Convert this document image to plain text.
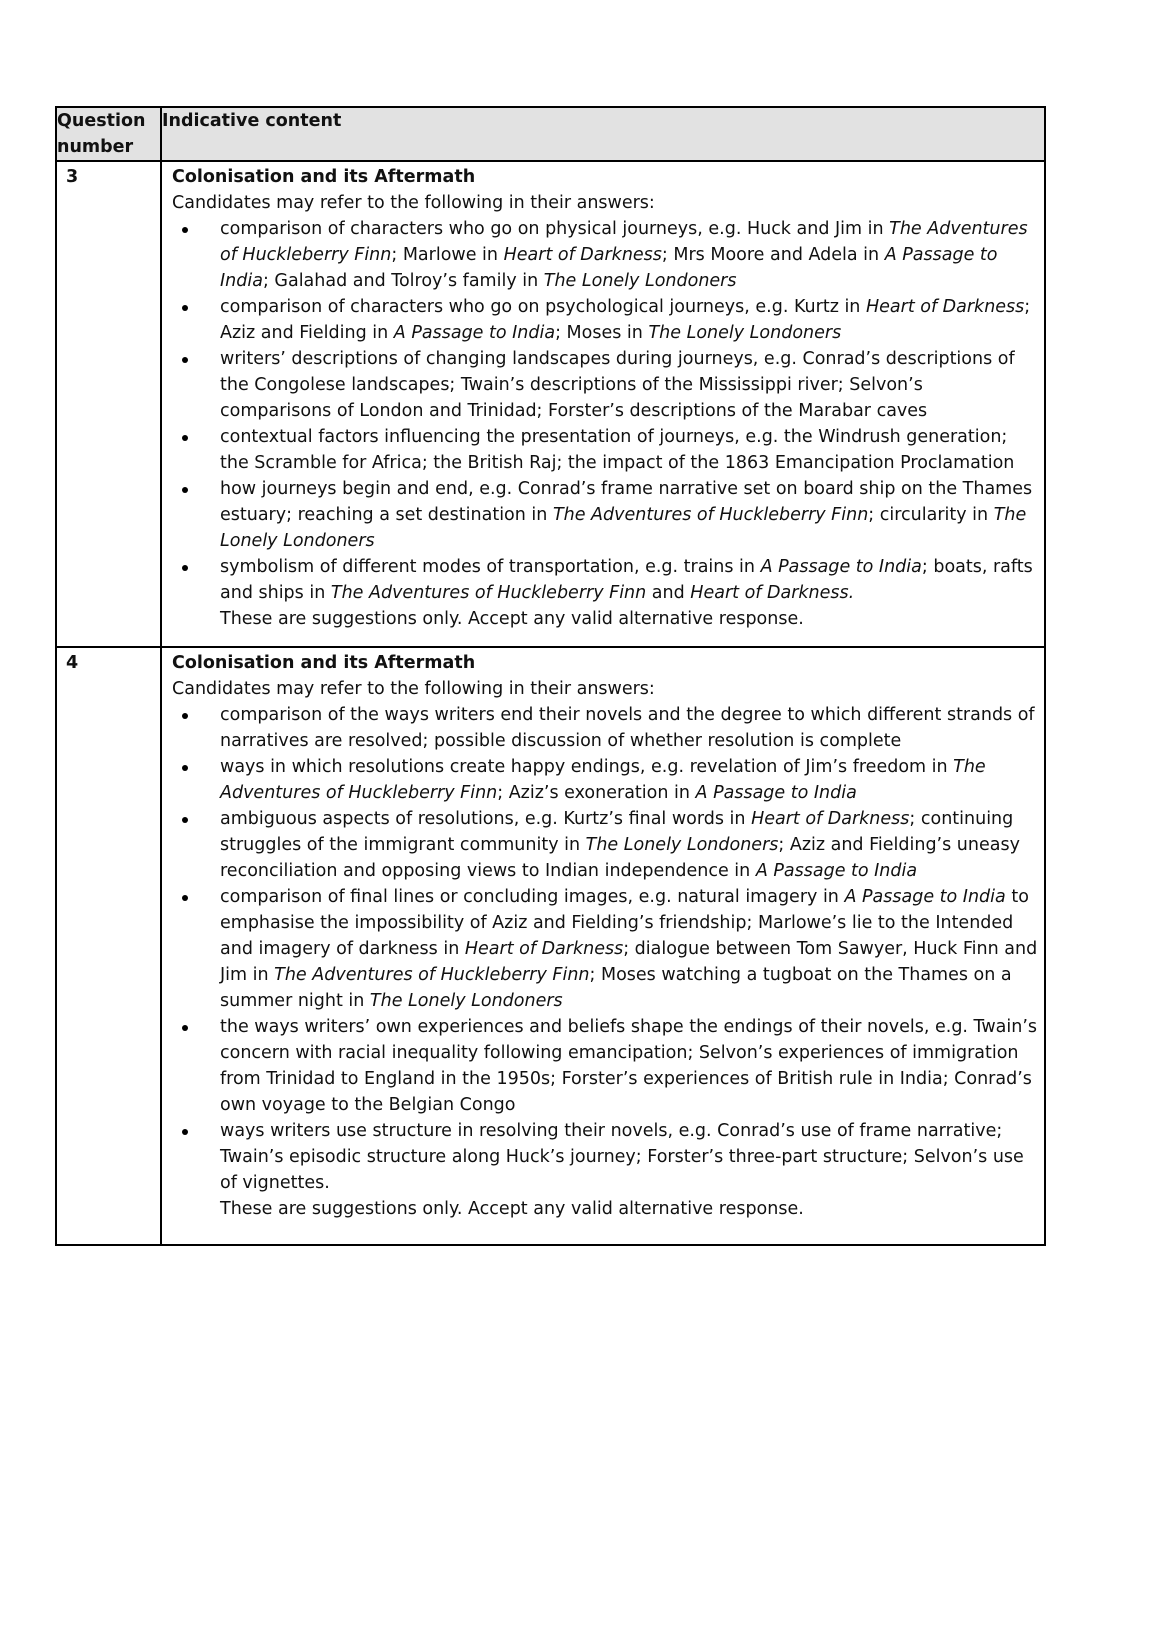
Question number	Indicative content
3	Colonisation and its Aftermath
Candidates may refer to the following in their answers:
comparison of characters who go on physical journeys, e.g. Huck and Jim in The Adventures of Huckleberry Finn; Marlowe in Heart of Darkness; Mrs Moore and Adela in A Passage to India; Galahad and Tolroy’s family in The Lonely Londoners
comparison of characters who go on psychological journeys, e.g. Kurtz in Heart of Darkness; Aziz and Fielding in A Passage to India; Moses in The Lonely Londoners
writers’ descriptions of changing landscapes during journeys, e.g. Conrad’s descriptions of the Congolese landscapes; Twain’s descriptions of the Mississippi river; Selvon’s comparisons of London and Trinidad; Forster’s descriptions of the Marabar caves
contextual factors influencing the presentation of journeys, e.g. the Windrush generation; the Scramble for Africa; the British Raj; the impact of the 1863 Emancipation Proclamation
how journeys begin and end, e.g. Conrad’s frame narrative set on board ship on the Thames estuary; reaching a set destination in The Adventures of Huckleberry Finn; circularity in The Lonely Londoners
symbolism of different modes of transportation, e.g. trains in A Passage to India; boats, rafts and ships in The Adventures of Huckleberry Finn and Heart of Darkness.
These are suggestions only. Accept any valid alternative response.

4	Colonisation and its Aftermath
Candidates may refer to the following in their answers:
comparison of the ways writers end their novels and the degree to which different strands of narratives are resolved; possible discussion of whether resolution is complete
ways in which resolutions create happy endings, e.g. revelation of Jim’s freedom in The Adventures of Huckleberry Finn; Aziz’s exoneration in A Passage to India
ambiguous aspects of resolutions, e.g. Kurtz’s final words in Heart of Darkness; continuing struggles of the immigrant community in The Lonely Londoners; Aziz and Fielding’s uneasy reconciliation and opposing views to Indian independence in A Passage to India
comparison of final lines or concluding images, e.g. natural imagery in A Passage to India to emphasise the impossibility of Aziz and Fielding’s friendship; Marlowe’s lie to the Intended and imagery of darkness in Heart of Darkness; dialogue between Tom Sawyer, Huck Finn and Jim in The Adventures of Huckleberry Finn; Moses watching a tugboat on the Thames on a summer night in The Lonely Londoners
the ways writers’ own experiences and beliefs shape the endings of their novels, e.g. Twain’s concern with racial inequality following emancipation; Selvon’s experiences of immigration from Trinidad to England in the 1950s; Forster’s experiences of British rule in India; Conrad’s own voyage to the Belgian Congo
ways writers use structure in resolving their novels, e.g. Conrad’s use of frame narrative; Twain’s episodic structure along Huck’s journey; Forster’s three-part structure; Selvon’s use of vignettes.
These are suggestions only. Accept any valid alternative response.
